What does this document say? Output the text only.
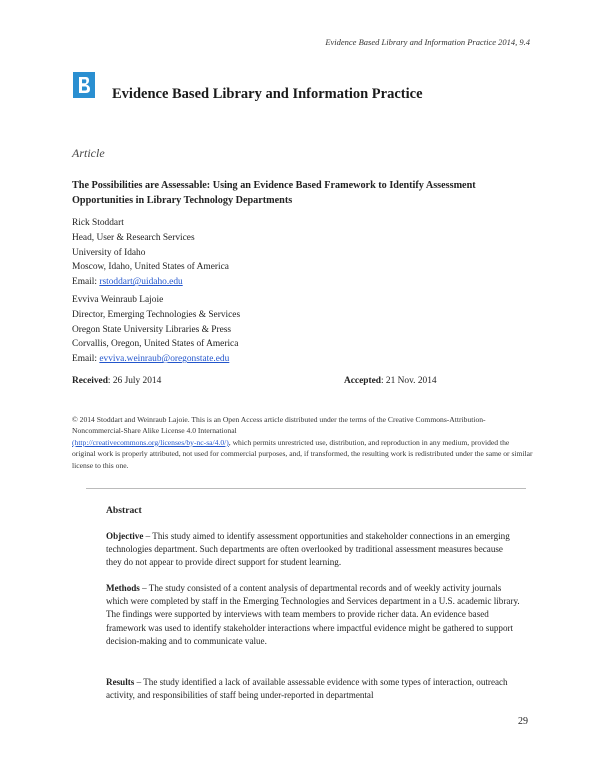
Evidence Based Library and Information Practice 2014, 9.4
Evidence Based Library and Information Practice
Article
The Possibilities are Assessable: Using an Evidence Based Framework to Identify Assessment Opportunities in Library Technology Departments
Rick Stoddart
Head, User & Research Services
University of Idaho
Moscow, Idaho, United States of America
Email: rstoddart@uidaho.edu
Evviva Weinraub Lajoie
Director, Emerging Technologies & Services
Oregon State University Libraries & Press
Corvallis, Oregon, United States of America
Email: evviva.weinraub@oregonstate.edu
Received: 26 July 2014	Accepted: 21 Nov. 2014
© 2014 Stoddart and Weinraub Lajoie. This is an Open Access article distributed under the terms of the Creative Commons‐Attribution‐Noncommercial‐Share Alike License 4.0 International
(http://creativecommons.org/licenses/by-nc-sa/4.0/), which permits unrestricted use, distribution, and reproduction in any medium, provided the original work is properly attributed, not used for commercial purposes, and, if transformed, the resulting work is redistributed under the same or similar license to this one.
Abstract
Objective – This study aimed to identify assessment opportunities and stakeholder connections in an emerging technologies department. Such departments are often overlooked by traditional assessment measures because they do not appear to provide direct support for student learning.
Methods – The study consisted of a content analysis of departmental records and of weekly activity journals which were completed by staff in the Emerging Technologies and Services department in a U.S. academic library. The findings were supported by interviews with team members to provide richer data. An evidence based framework was used to identify stakeholder interactions where impactful evidence might be gathered to support decision-making and to communicate value.
Results – The study identified a lack of available assessable evidence with some types of interaction, outreach activity, and responsibilities of staff being under-reported in departmental
29
